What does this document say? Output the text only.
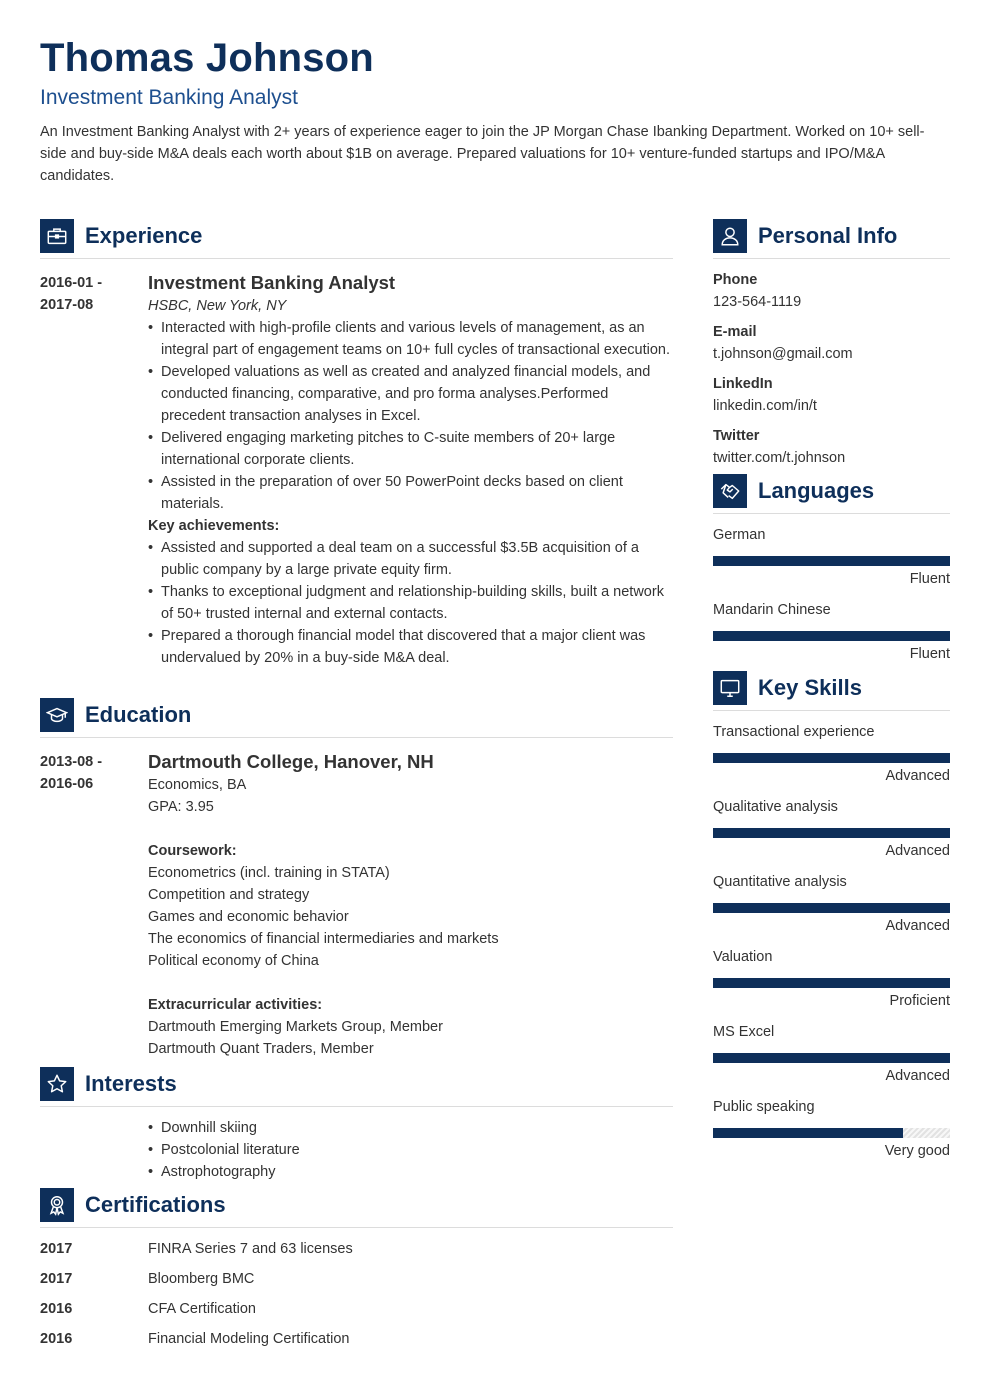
Thomas Johnson
Investment Banking Analyst
An Investment Banking Analyst with 2+ years of experience eager to join the JP Morgan Chase Ibanking Department. Worked on 10+ sell-side and buy-side M&A deals each worth about $1B on average. Prepared valuations for 10+ venture-funded startups and IPO/M&A candidates.
Experience
2016-01 -
2017-08
Investment Banking Analyst
HSBC, New York, NY
• Interacted with high-profile clients and various levels of management, as an integral part of engagement teams on 10+ full cycles of transactional execution.
• Developed valuations as well as created and analyzed financial models, and conducted financing, comparative, and pro forma analyses.Performed precedent transaction analyses in Excel.
• Delivered engaging marketing pitches to C-suite members of 20+ large international corporate clients.
• Assisted in the preparation of over 50 PowerPoint decks based on client materials.
Key achievements:
• Assisted and supported a deal team on a successful $3.5B acquisition of a public company by a large private equity firm.
• Thanks to exceptional judgment and relationship-building skills, built a network of 50+ trusted internal and external contacts.
• Prepared a thorough financial model that discovered that a major client was undervalued by 20% in a buy-side M&A deal.
Education
2013-08 -
2016-06
Dartmouth College, Hanover, NH
Economics, BA
GPA: 3.95
Coursework:
Econometrics (incl. training in STATA)
Competition and strategy
Games and economic behavior
The economics of financial intermediaries and markets
Political economy of China
Extracurricular activities:
Dartmouth Emerging Markets Group, Member
Dartmouth Quant Traders, Member
Interests
• Downhill skiing
• Postcolonial literature
• Astrophotography
Certifications
2017	FINRA Series 7 and 63 licenses
2017	Bloomberg BMC
2016	CFA Certification
2016	Financial Modeling Certification
Personal Info
Phone
123-564-1119
E-mail
t.johnson@gmail.com
LinkedIn
linkedin.com/in/t
Twitter
twitter.com/t.johnson
Languages
German
Fluent
Mandarin Chinese
Fluent
Key Skills
Transactional experience
Advanced
Qualitative analysis
Advanced
Quantitative analysis
Advanced
Valuation
Proficient
MS Excel
Advanced
Public speaking
Very good
